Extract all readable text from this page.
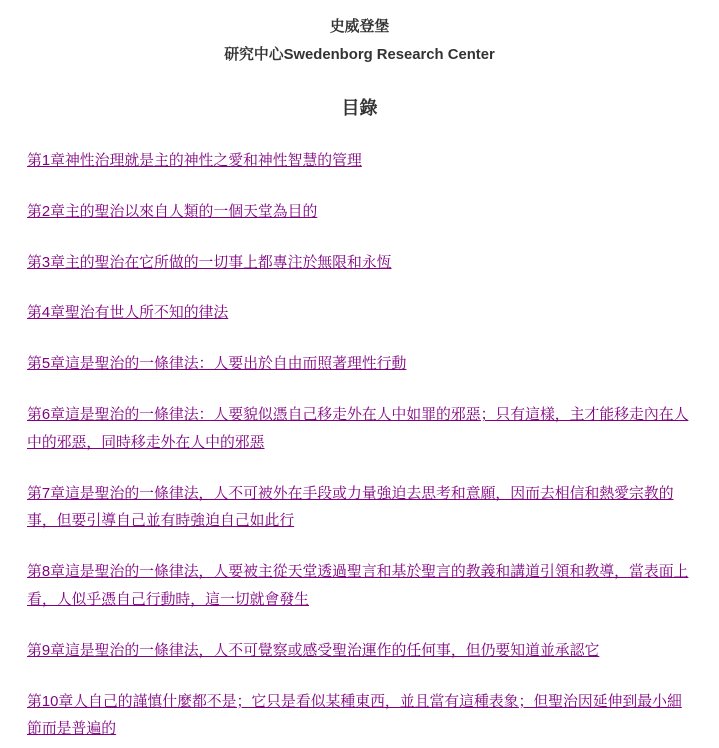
史威登堡

研究中心Swedenborg Research Center

目錄

第1章神性治理就是主的神性之愛和神性智慧的管理

第2章主的聖治以來自人類的一個天堂為目的

第3章主的聖治在它所做的一切事上都專注於無限和永恆

第4章聖治有世人所不知的律法

第5章這是聖治的一條律法：人要出於自由而照著理性行動

第6章這是聖治的一條律法：人要貌似憑自己移走外在人中如罪的邪惡；只有這樣，主才能移走內在人中的邪惡，同時移走外在人中的邪惡

第7章這是聖治的一條律法，人不可被外在手段或力量強迫去思考和意願，因而去相信和熱愛宗教的事，但要引導自己並有時強迫自己如此行

第8章這是聖治的一條律法，人要被主從天堂透過聖言和基於聖言的教義和講道引領和教導，當表面上看，人似乎憑自己行動時，這一切就會發生

第9章這是聖治的一條律法，人不可覺察或感受聖治運作的任何事，但仍要知道並承認它

第10章人自己的謹慎什麼都不是；它只是看似某種東西，並且當有這種表象；但聖治因延伸到最小細節而是普遍的
